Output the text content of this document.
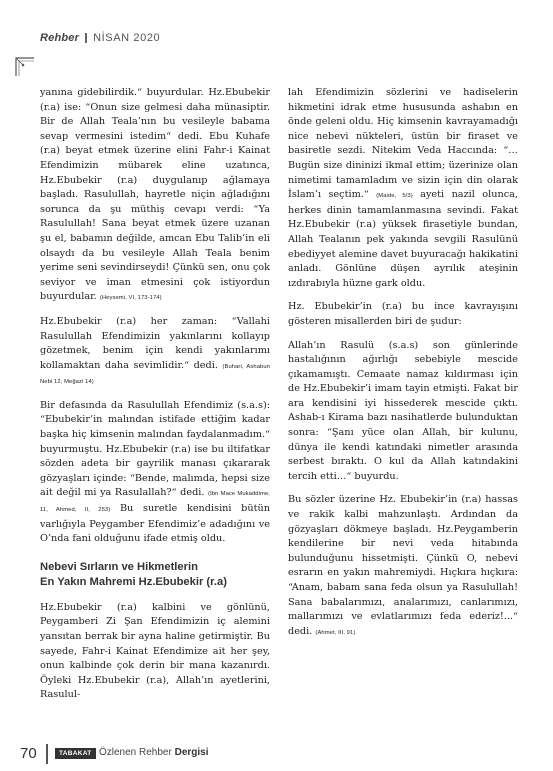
Rehber NİSAN 2020

yanına gidebilirdik.“ buyurdular. Hz.Ebubekir (r.a) ise: “Onun size gelmesi daha münasiptir. Bir de Allah Teala’nın bu vesileyle babama sevap vermesini istedim“ dedi. Ebu Kuhafe (r.a) beyat etmek üzerine elini Fahr-i Kainat Efendimizin mübarek eline uzatınca, Hz.Ebubekir (r.a) duygulanıp ağlamaya başladı. Rasulullah, hayretle niçin ağladığını sorunca da şu müthiş cevapı verdi: “Ya Rasulullah! Sana beyat etmek üzere uzanan şu el, babamın değilde, amcan Ebu Talib’in eli olsaydı da bu vesileyle Allah Teala benim yerime seni sevindirseydi! Çünkü sen, onu çok seviyor ve iman etmesini çok istiyordun buyurdular. (Heysemi, VI, 173-174)

Hz.Ebubekir (r.a) her zaman: “Vallahi Rasulullah Efendimizin yakınlarını kollayıp gözetmek, benim için kendi yakınlarımı kollamaktan daha sevimlidir.“ dedi. (Buhari, Ashabun Nebi 12, Meğazi 14)

Bir defasında da Rasulullah Efendimiz (s.a.s): “Ebubekir’in malından istifade ettiğim kadar başka hiç kimsenin malından faydalanmadım.“ buyurmuştu. Hz.Ebubekir (r.a) ise bu iltifatkar sözden adeta bir gayrilik manası çıkararak gözyaşları içinde: “Bende, malımda, hepsi size ait değil mi ya Rasulallah?“ dedi. (İbn Mace Mukaddime, 11, Ahmed, II, 253) Bu suretle kendisini bütün varlığıyla Peygamber Efendimiz’e adadığını ve O’nda fani olduğunu ifade etmiş oldu.

Nebevi Sırların ve Hikmetlerin
En Yakın Mahremi Hz.Ebubekir (r.a)

Hz.Ebubekir (r.a) kalbini ve gönlünü, Peygamberi Zi Şan Efendimizin iç alemini yansıtan berrak bir ayna haline getirmiştir. Bu sayede, Fahr-i Kainat Efendimize ait her şey, onun kalbinde çok derin bir mana kazanırdı. Öyleki Hz.Ebubekir (r.a), Allah’ın ayetlerini, Rasulul-

lah Efendimizin sözlerini ve hadiselerin hikmetini idrak etme hususunda ashabın en önde geleni oldu. Hiç kimsenin kavrayamadığı nice nebevi nükteleri, üstün bir firaset ve basiretle sezdi. Nitekim Veda Haccında: “…Bugün size dininizi ikmal ettim; üzerinize olan nimetimi tamamladım ve sizin için din olarak İslam’ı seçtim.“ (Maide, 5/3) ayeti nazil olunca, herkes dinin tamamlanmasına sevindi. Fakat Hz.Ebubekir (r.a) yüksek firasetiyle bundan, Allah Tealanın pek yakında sevgili Rasulünü ebediyyet alemine davet buyuracağı hakikatini anladı. Gönlüne düşen ayrılık ateşinin ızdırabıyla hüzne gark oldu.

Hz. Ebubekir’in (r.a) bu ince kavrayışını gösteren misallerden biri de şudur:

Allah’ın Rasulü (s.a.s) son günlerinde hastalığının ağırlığı sebebiyle mescide çıkamamıştı. Cemaate namaz kıldırması için de Hz.Ebubekir’i imam tayin etmişti. Fakat bir ara kendisini iyi hissederek mescide çıktı. Ashab-ı Kirama bazı nasihatlerde bulunduktan sonra: “Şanı yüce olan Allah, bir kulunu, dünya ile kendi katındaki nimetler arasında serbest bıraktı. O kul da Allah katındakini tercih etti…“ buyurdu.

Bu sözler üzerine Hz. Ebubekir’in (r.a) hassas ve rakik kalbi mahzunlaştı. Ardından da gözyaşları dökmeye başladı. Hz.Peygamberin kendilerine bir nevi veda hitabında bulunduğunu hissetmişti. Çünkü O, nebevi esrarın en yakın mahremiydi. Hıçkıra hıçkıra: “Anam, babam sana feda olsun ya Rasulullah! Sana babalarımızı, analarımızı, canlarımızı, mallarımızı ve evlatlarımızı feda ederiz!...“ dedi. (Ahmet, III, 91)

70	TABAKAT Özlenen Rehber Dergisi
